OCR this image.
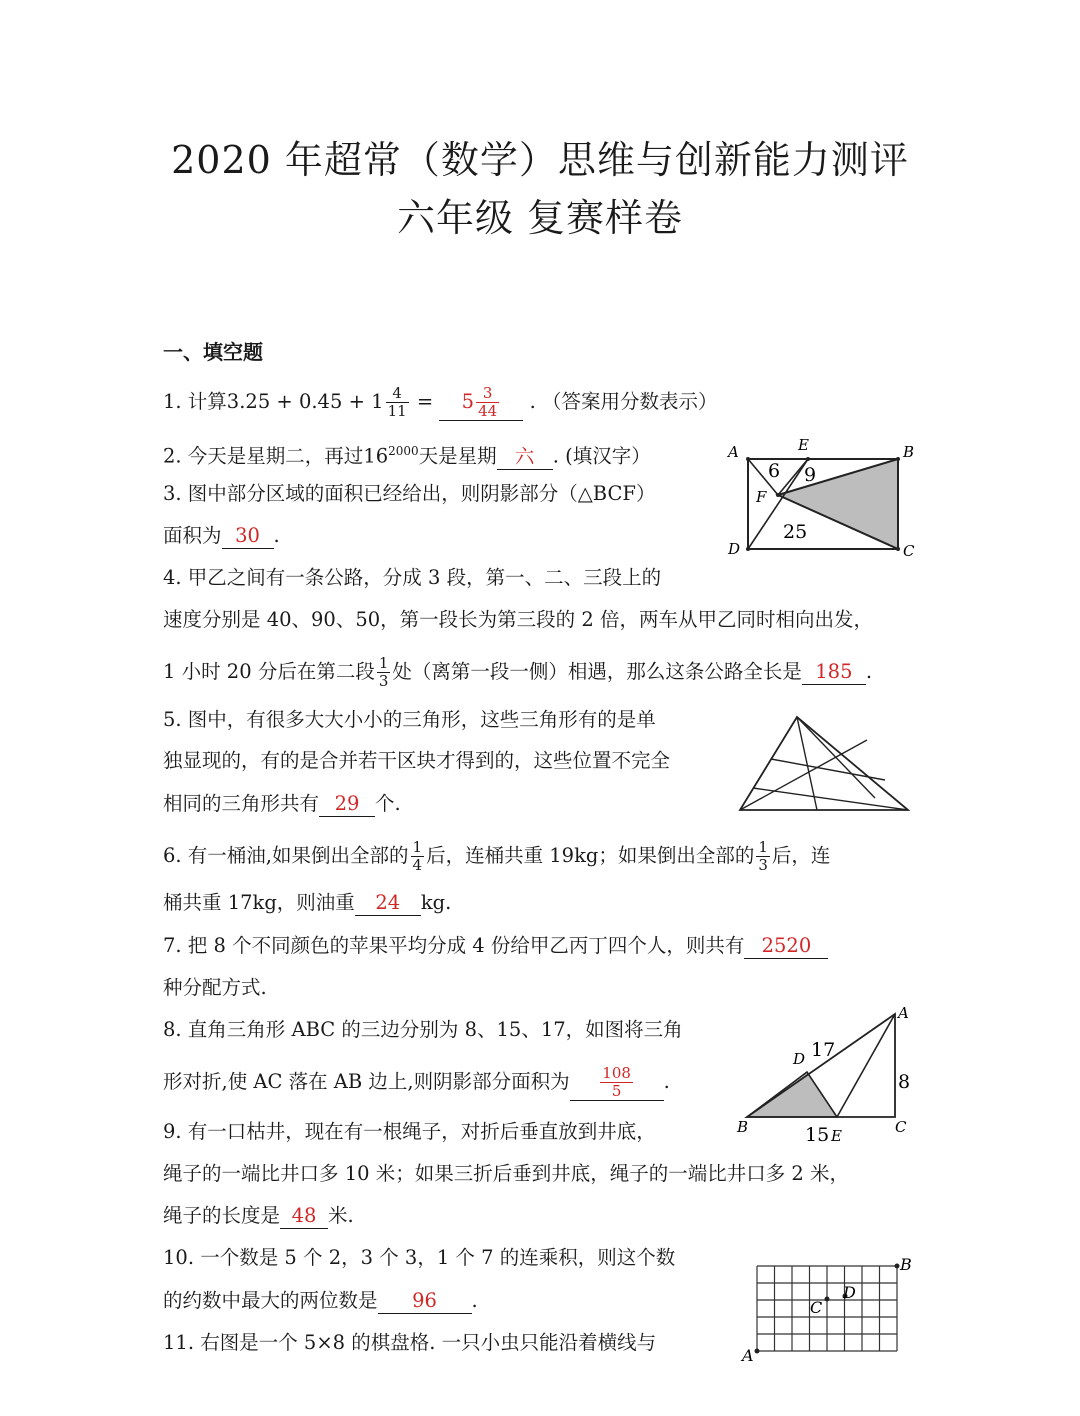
2020 年超常（数学）思维与创新能力测评
六年级 复赛样卷
一、填空题
1. 计算$3.25 + 0.45 + 1 \frac{4}{11} = 5 \frac{3}{44}$ . （答案用分数表示）
2. 今天是星期二，再过$16^{2000}$天是星期 六 . (填汉字）
3. 图中部分区域的面积已经给出，则阴影部分（△BCF）
面积为 30 .
A	E	B
F
D	C
6 9
25
4. 甲乙之间有一条公路，分成 3 段，第一、二、三段上的
速度分别是 40、90、50，第一段长为第三段的 2 倍，两车从甲乙同时相向出发，
1 小时 20 分后在第二段 $\frac{1}{3}$ 处（离第一段一侧）相遇，那么这条公路全长是 185 .
5. 图中，有很多大大小小的三角形，这些三角形有的是单
独显现的，有的是合并若干区块才得到的，这些位置不完全
相同的三角形共有 29 个.
6. 有一桶油,如果倒出全部的 $\frac{1}{4}$ 后，连桶共重 19kg；如果倒出全部的 $\frac{1}{3}$ 后，连
桶共重 17kg，则油重 24 kg.
7. 把 8 个不同颜色的苹果平均分成 4 份给甲乙丙丁四个人，则共有 2520
种分配方式.
8. 直角三角形 ABC 的三边分别为 8、15、17，如图将三角
形对折,使 AC 落在 AB 边上,则阴影部分面积为 $\frac{108}{5}$ .
A
D 17
8
B	15 E	C
9. 有一口枯井，现在有一根绳子，对折后垂直放到井底，
绳子的一端比井口多 10 米；如果三折后垂到井底，绳子的一端比井口多 2 米，
绳子的长度是 48 米.
10. 一个数是 5 个 2，3 个 3，1 个 7 的连乘积，则这个数
的约数中最大的两位数是 96 .
11. 右图是一个 5×8 的棋盘格. 一只小虫只能沿着横线与
B
D
C
A
